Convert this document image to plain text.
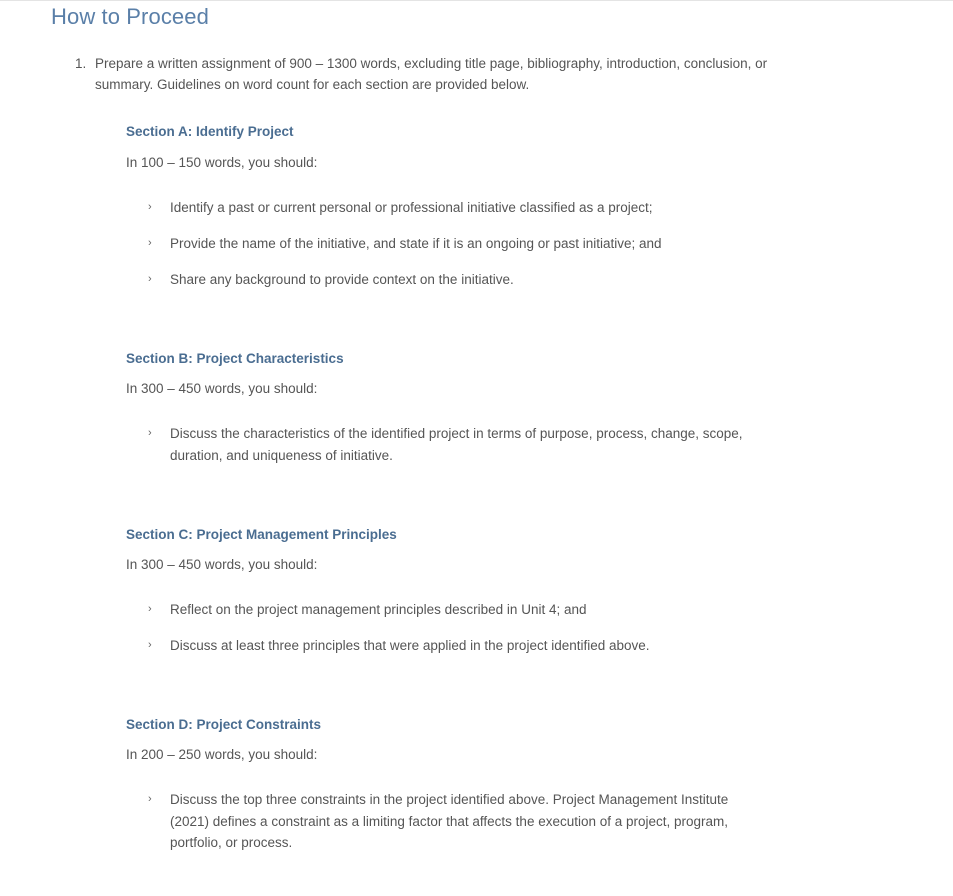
How to Proceed
1. Prepare a written assignment of 900 – 1300 words, excluding title page, bibliography, introduction, conclusion, or summary. Guidelines on word count for each section are provided below.
Section A: Identify Project

In 100 – 150 words, you should:

›	Identify a past or current personal or professional initiative classified as a project;
›	Provide the name of the initiative, and state if it is an ongoing or past initiative; and
›	Share any background to provide context on the initiative.
Section B: Project Characteristics

In 300 – 450 words, you should:

›	Discuss the characteristics of the identified project in terms of purpose, process, change, scope, duration, and uniqueness of initiative.
Section C: Project Management Principles

In 300 – 450 words, you should:

›	Reflect on the project management principles described in Unit 4; and
›	Discuss at least three principles that were applied in the project identified above.
Section D: Project Constraints

In 200 – 250 words, you should:

›	Discuss the top three constraints in the project identified above. Project Management Institute (2021) defines a constraint as a limiting factor that affects the execution of a project, program, portfolio, or process.
